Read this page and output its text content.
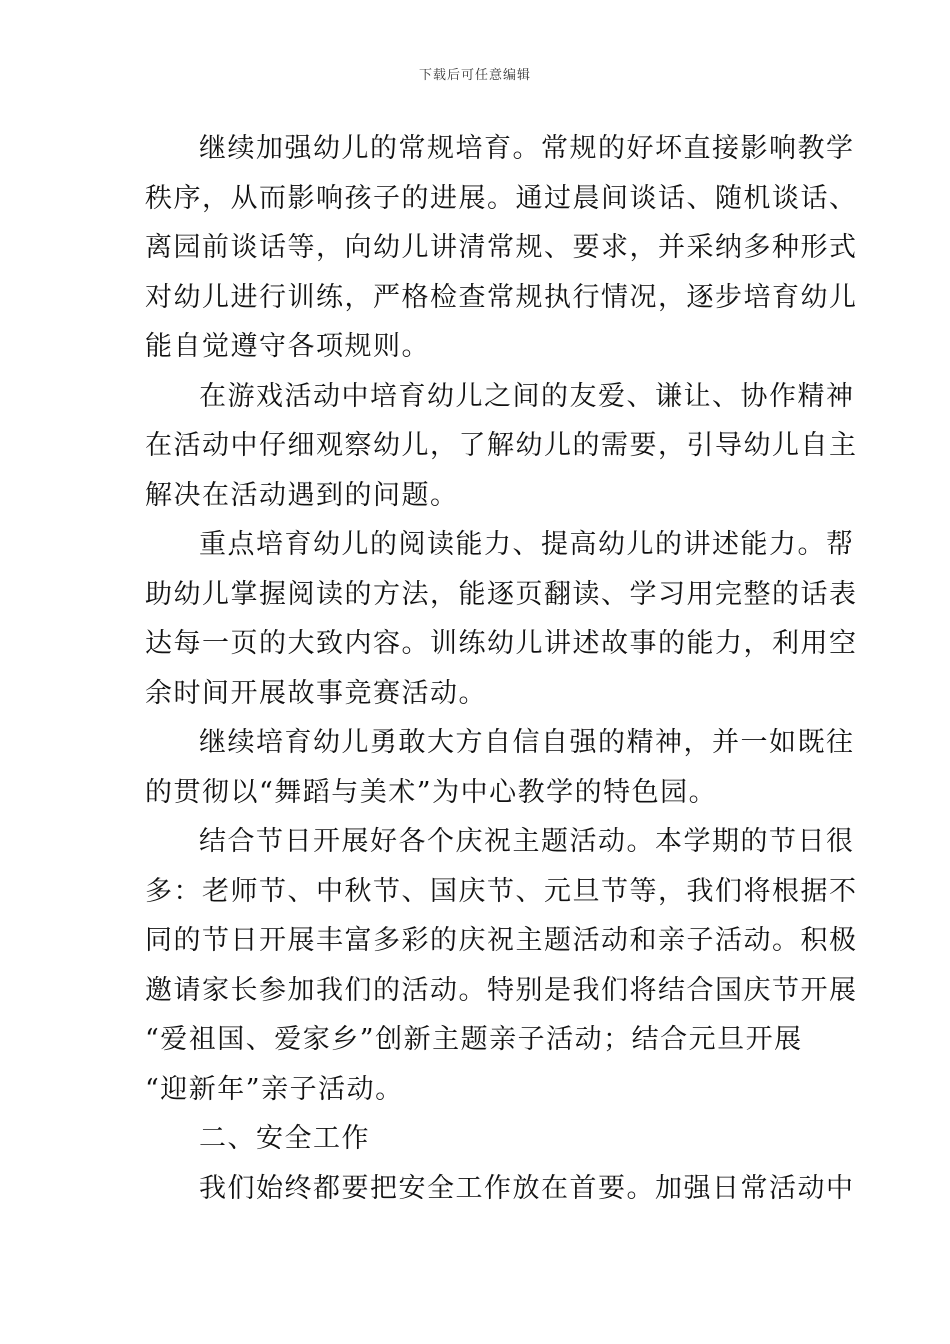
下载后可任意编辑
继续加强幼儿的常规培育。常规的好坏直接影响教学
秩序，从而影响孩子的进展。通过晨间谈话、随机谈话、
离园前谈话等，向幼儿讲清常规、要求，并采纳多种形式
对幼儿进行训练，严格检查常规执行情况，逐步培育幼儿
能自觉遵守各项规则。
在游戏活动中培育幼儿之间的友爱、谦让、协作精神
在活动中仔细观察幼儿，了解幼儿的需要，引导幼儿自主
解决在活动遇到的问题。
重点培育幼儿的阅读能力、提高幼儿的讲述能力。帮
助幼儿掌握阅读的方法，能逐页翻读、学习用完整的话表
达每一页的大致内容。训练幼儿讲述故事的能力，利用空
余时间开展故事竞赛活动。
继续培育幼儿勇敢大方自信自强的精神，并一如既往
的贯彻以“舞蹈与美术”为中心教学的特色园。
结合节日开展好各个庆祝主题活动。本学期的节日很
多：老师节、中秋节、国庆节、元旦节等，我们将根据不
同的节日开展丰富多彩的庆祝主题活动和亲子活动。积极
邀请家长参加我们的活动。特别是我们将结合国庆节开展
“爱祖国、爱家乡”创新主题亲子活动；结合元旦开展
“迎新年”亲子活动。
二、安全工作
我们始终都要把安全工作放在首要。加强日常活动中
